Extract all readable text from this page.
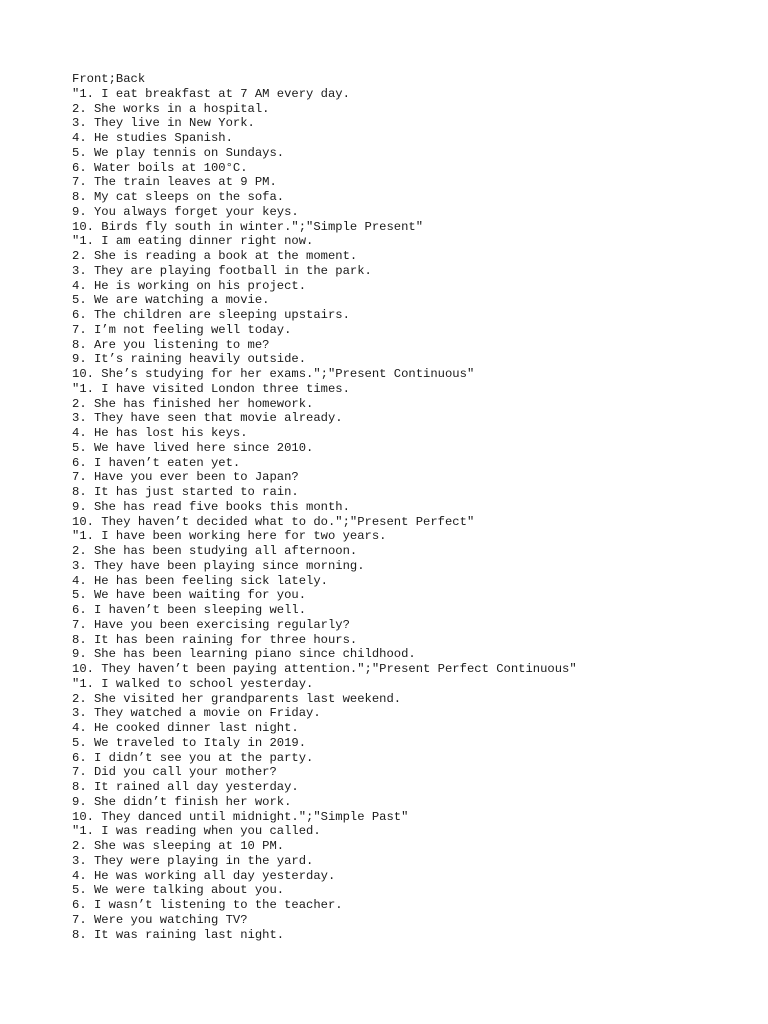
Front;Back
"1. I eat breakfast at 7 AM every day.
2. She works in a hospital.
3. They live in New York.
4. He studies Spanish.
5. We play tennis on Sundays.
6. Water boils at 100°C.
7. The train leaves at 9 PM.
8. My cat sleeps on the sofa.
9. You always forget your keys.
10. Birds fly south in winter.";"Simple Present"
"1. I am eating dinner right now.
2. She is reading a book at the moment.
3. They are playing football in the park.
4. He is working on his project.
5. We are watching a movie.
6. The children are sleeping upstairs.
7. I’m not feeling well today.
8. Are you listening to me?
9. It’s raining heavily outside.
10. She’s studying for her exams.";"Present Continuous"
"1. I have visited London three times.
2. She has finished her homework.
3. They have seen that movie already.
4. He has lost his keys.
5. We have lived here since 2010.
6. I haven’t eaten yet.
7. Have you ever been to Japan?
8. It has just started to rain.
9. She has read five books this month.
10. They haven’t decided what to do.";"Present Perfect"
"1. I have been working here for two years.
2. She has been studying all afternoon.
3. They have been playing since morning.
4. He has been feeling sick lately.
5. We have been waiting for you.
6. I haven’t been sleeping well.
7. Have you been exercising regularly?
8. It has been raining for three hours.
9. She has been learning piano since childhood.
10. They haven’t been paying attention.";"Present Perfect Continuous"
"1. I walked to school yesterday.
2. She visited her grandparents last weekend.
3. They watched a movie on Friday.
4. He cooked dinner last night.
5. We traveled to Italy in 2019.
6. I didn’t see you at the party.
7. Did you call your mother?
8. It rained all day yesterday.
9. She didn’t finish her work.
10. They danced until midnight.";"Simple Past"
"1. I was reading when you called.
2. She was sleeping at 10 PM.
3. They were playing in the yard.
4. He was working all day yesterday.
5. We were talking about you.
6. I wasn’t listening to the teacher.
7. Were you watching TV?
8. It was raining last night.
